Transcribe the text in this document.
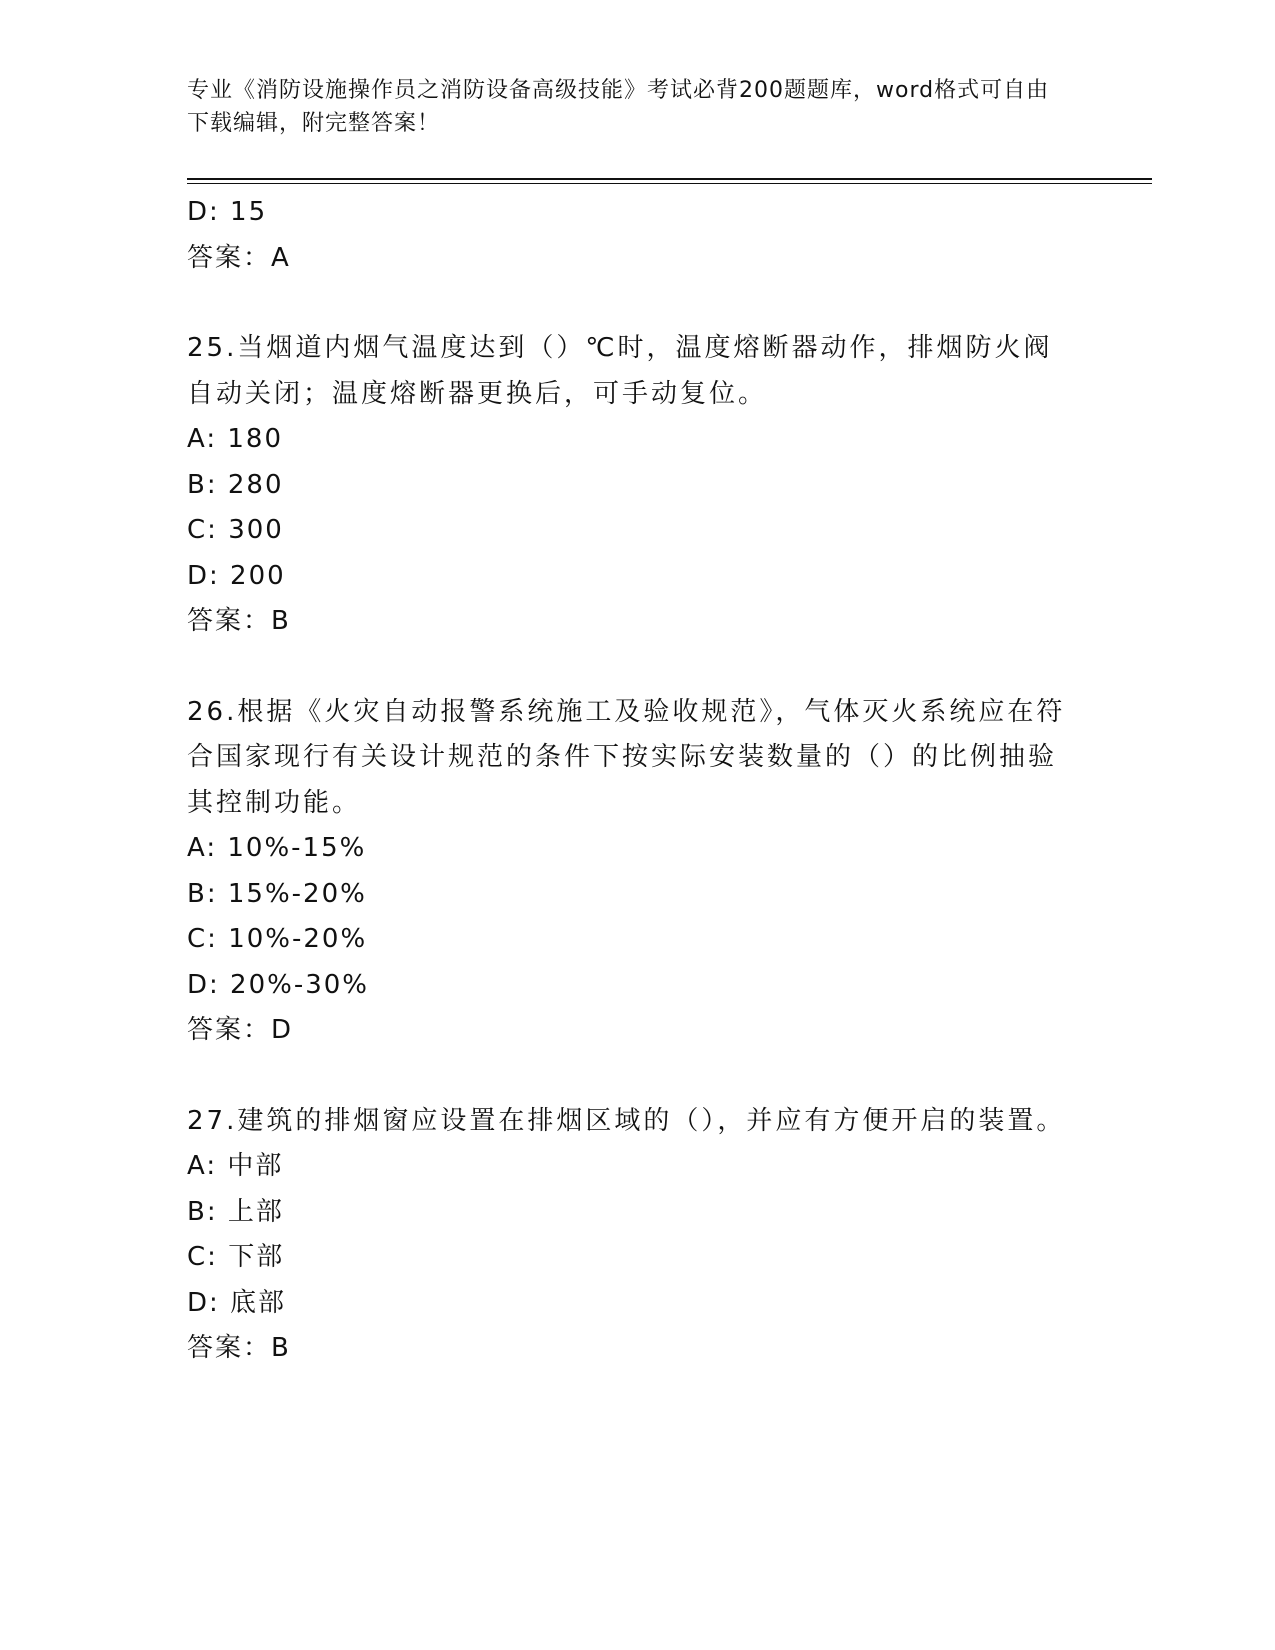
专业《消防设施操作员之消防设备高级技能》考试必背200题题库，word格式可自由下载编辑，附完整答案！
D: 15
答案：A
25.当烟道内烟气温度达到（）℃时，温度熔断器动作，排烟防火阀自动关闭；温度熔断器更换后，可手动复位。
A: 180
B: 280
C: 300
D: 200
答案：B
26.根据《火灾自动报警系统施工及验收规范》，气体灭火系统应在符合国家现行有关设计规范的条件下按实际安装数量的（）的比例抽验其控制功能。
A: 10%-15%
B: 15%-20%
C: 10%-20%
D: 20%-30%
答案：D
27.建筑的排烟窗应设置在排烟区域的（），并应有方便开启的装置。
A: 中部
B: 上部
C: 下部
D: 底部
答案：B
